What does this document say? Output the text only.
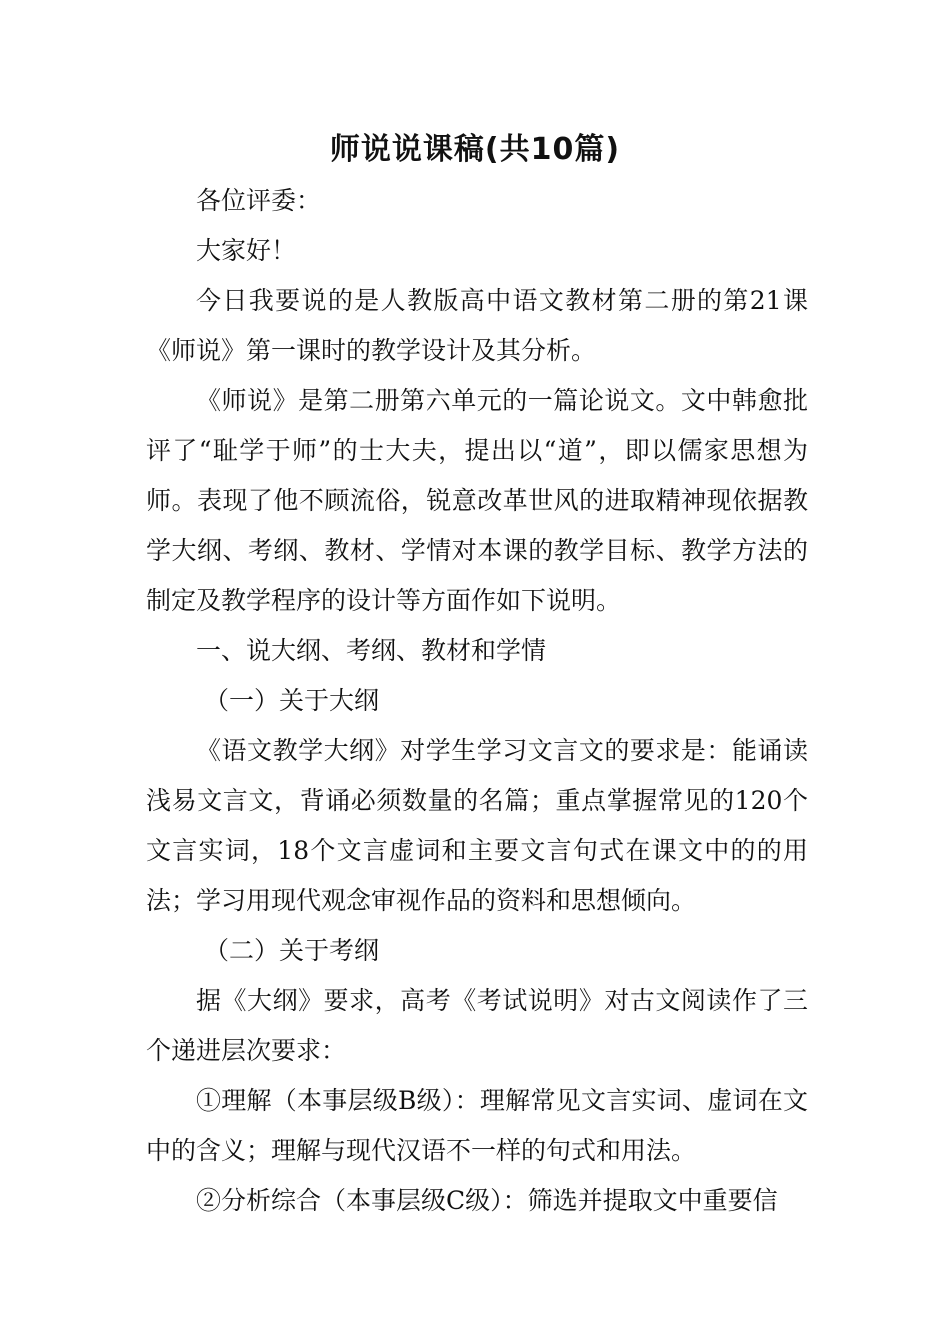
师说说课稿(共10篇)

各位评委：

大家好！

今日我要说的是人教版高中语文教材第二册的第21课《师说》第一课时的教学设计及其分析。

《师说》是第二册第六单元的一篇论说文。文中韩愈批评了“耻学于师”的士大夫，提出以“道”，即以儒家思想为师。表现了他不顾流俗，锐意改革世风的进取精神现依据教学大纲、考纲、教材、学情对本课的教学目标、教学方法的制定及教学程序的设计等方面作如下说明。

一、说大纲、考纲、教材和学情

（一）关于大纲

《语文教学大纲》对学生学习文言文的要求是：能诵读浅易文言文，背诵必须数量的名篇；重点掌握常见的120个文言实词，18个文言虚词和主要文言句式在课文中的的用法；学习用现代观念审视作品的资料和思想倾向。

（二）关于考纲

据《大纲》要求，高考《考试说明》对古文阅读作了三个递进层次要求：

①理解（本事层级B级）：理解常见文言实词、虚词在文中的含义；理解与现代汉语不一样的句式和用法。

②分析综合（本事层级C级）：筛选并提取文中重要信
